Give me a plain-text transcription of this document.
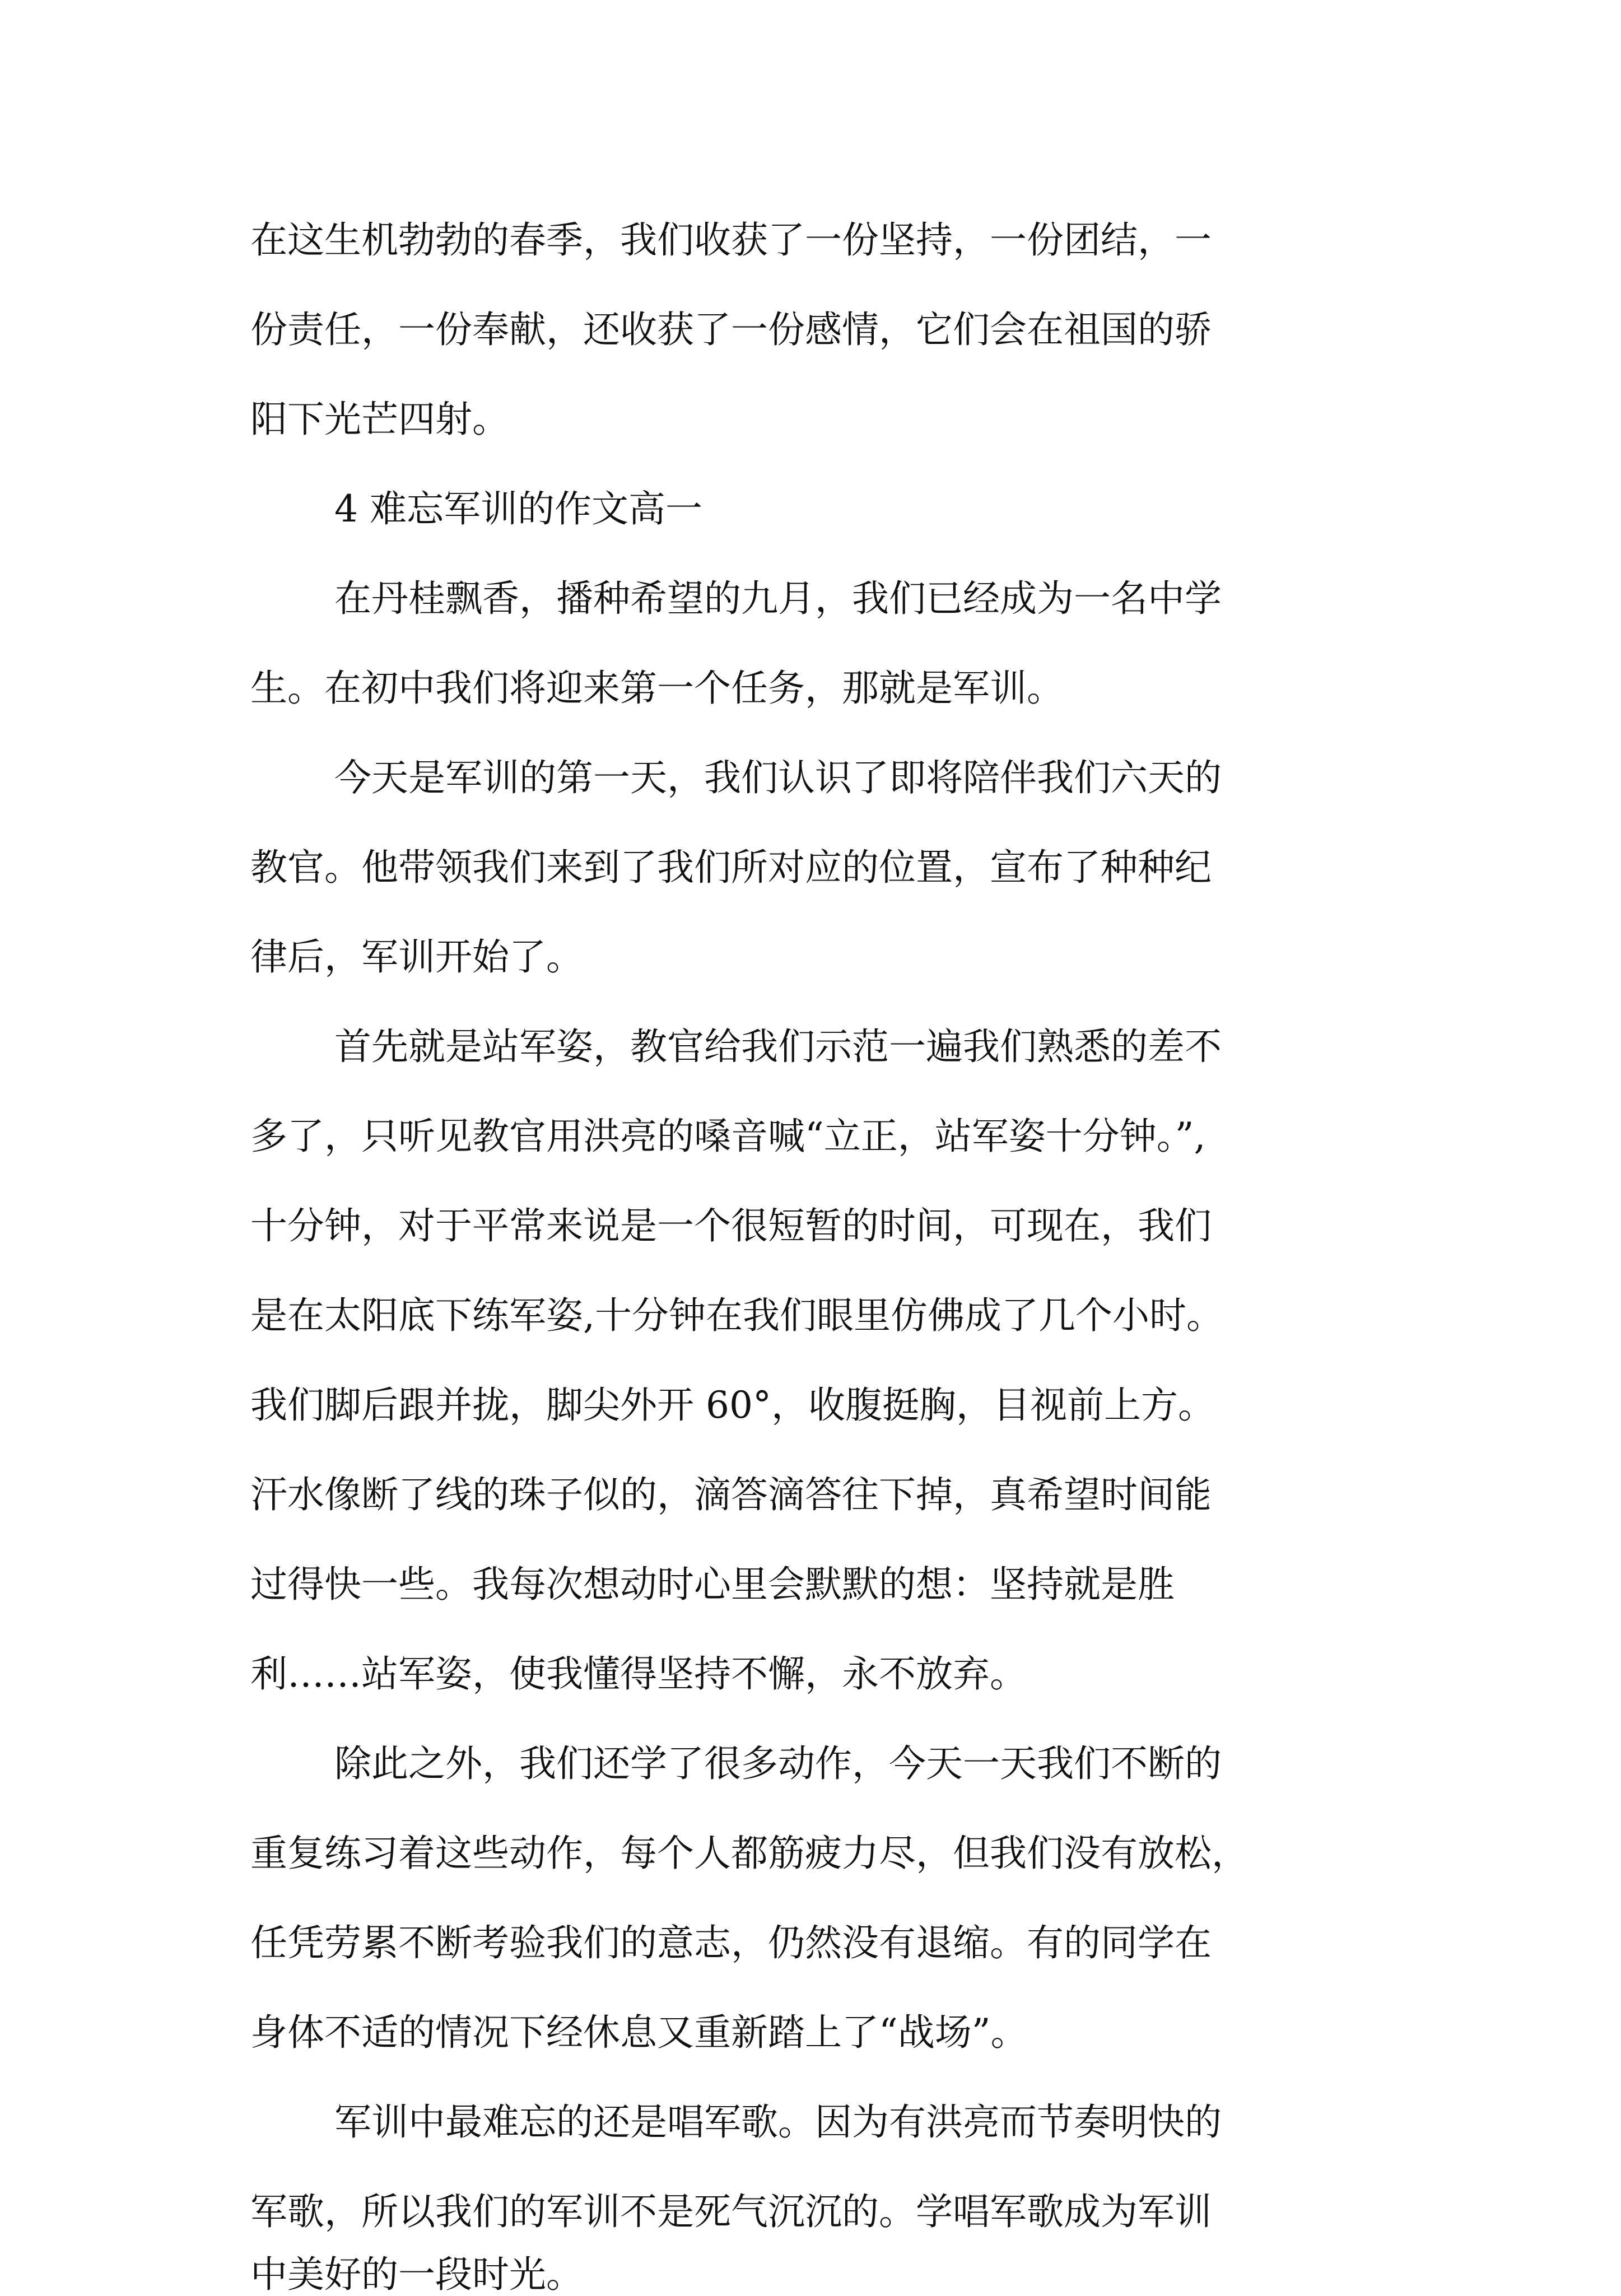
在这生机勃勃的春季，我们收获了一份坚持，一份团结，一
份责任，一份奉献，还收获了一份感情，它们会在祖国的骄
阳下光芒四射。
4 难忘军训的作文高一
在丹桂飘香，播种希望的九月，我们已经成为一名中学
生。在初中我们将迎来第一个任务，那就是军训。
今天是军训的第一天，我们认识了即将陪伴我们六天的
教官。他带领我们来到了我们所对应的位置，宣布了种种纪
律后，军训开始了。
首先就是站军姿，教官给我们示范一遍我们熟悉的差不
多了，只听见教官用洪亮的嗓音喊“立正，站军姿十分钟。”,
十分钟，对于平常来说是一个很短暂的时间，可现在，我们
是在太阳底下练军姿,十分钟在我们眼里仿佛成了几个小时。
我们脚后跟并拢，脚尖外开 60°，收腹挺胸，目视前上方。
汗水像断了线的珠子似的，滴答滴答往下掉，真希望时间能
过得快一些。我每次想动时心里会默默的想：坚持就是胜
利……站军姿，使我懂得坚持不懈，永不放弃。
除此之外，我们还学了很多动作，今天一天我们不断的
重复练习着这些动作，每个人都筋疲力尽，但我们没有放松，
任凭劳累不断考验我们的意志，仍然没有退缩。有的同学在
身体不适的情况下经休息又重新踏上了“战场”。
军训中最难忘的还是唱军歌。因为有洪亮而节奏明快的
军歌，所以我们的军训不是死气沉沉的。学唱军歌成为军训
中美好的一段时光。
